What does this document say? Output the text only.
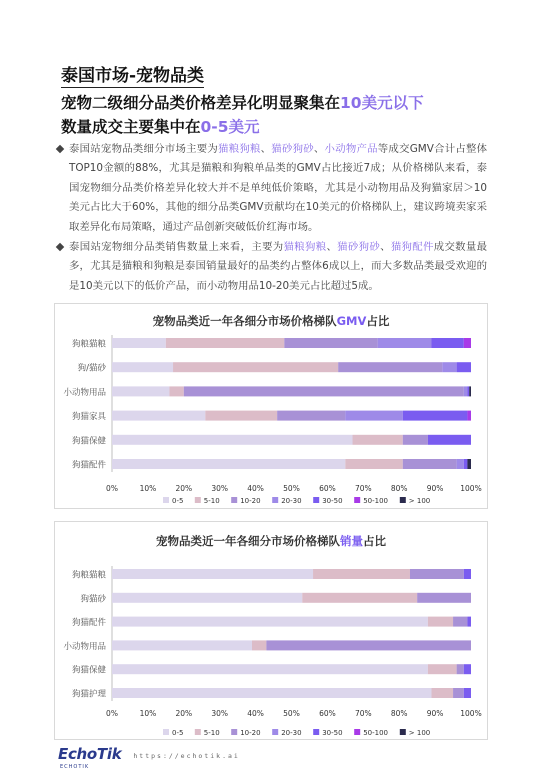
泰国市场-宠物品类
宠物二级细分品类价格差异化明显聚集在10美元以下
数量成交主要集中在0-5美元
泰国站宠物品类细分市场主要为猫粮狗粮、猫砂狗砂、小动物产品等成交GMV合计占整体TOP10金额的88%，尤其是猫粮和狗粮单品类的GMV占比接近7成；从价格梯队来看，泰国宠物细分品类价格差异化较大并不是单纯低价策略，尤其是小动物用品及狗猫家居＞10美元占比大于60%，其他的细分品类GMV贡献均在10美元的价格梯队上，建议跨境卖家采取差异化布局策略，通过产品创新突破低价红海市场。
泰国站宠物细分品类销售数量上来看，主要为猫粮狗粮、猫砂狗砂、猫狗配件成交数量最多，尤其是猫粮和狗粮是泰国销量最好的品类约占整体6成以上，而大多数品类最受欢迎的是10美元以下的低价产品，而小动物用品10-20美元占比超过5成。
宠物品类近一年各细分市场价格梯队GMV占比
狗粮猫粮
狗/猫砂
小动物用品
狗猫家具
狗猫保健
狗猫配件
0%	10%	20%	30%	40%	50%	60%	70%	80%	90% 100%
0-5	5-10	10-20	20-30	30-50	50-100	> 100
宠物品类近一年各细分市场价格梯队销量占比
狗粮猫粮
狗猫砂
狗猫配件
小动物用品
狗猫保健
狗猫护理
0%	10%	20%	30%	40%	50%	60%	70%	80%	90% 100%
0-5	5-10	10-20	20-30	30-50	50-100	> 100
EchoTik
ECHOTIK
https://echotik.ai
